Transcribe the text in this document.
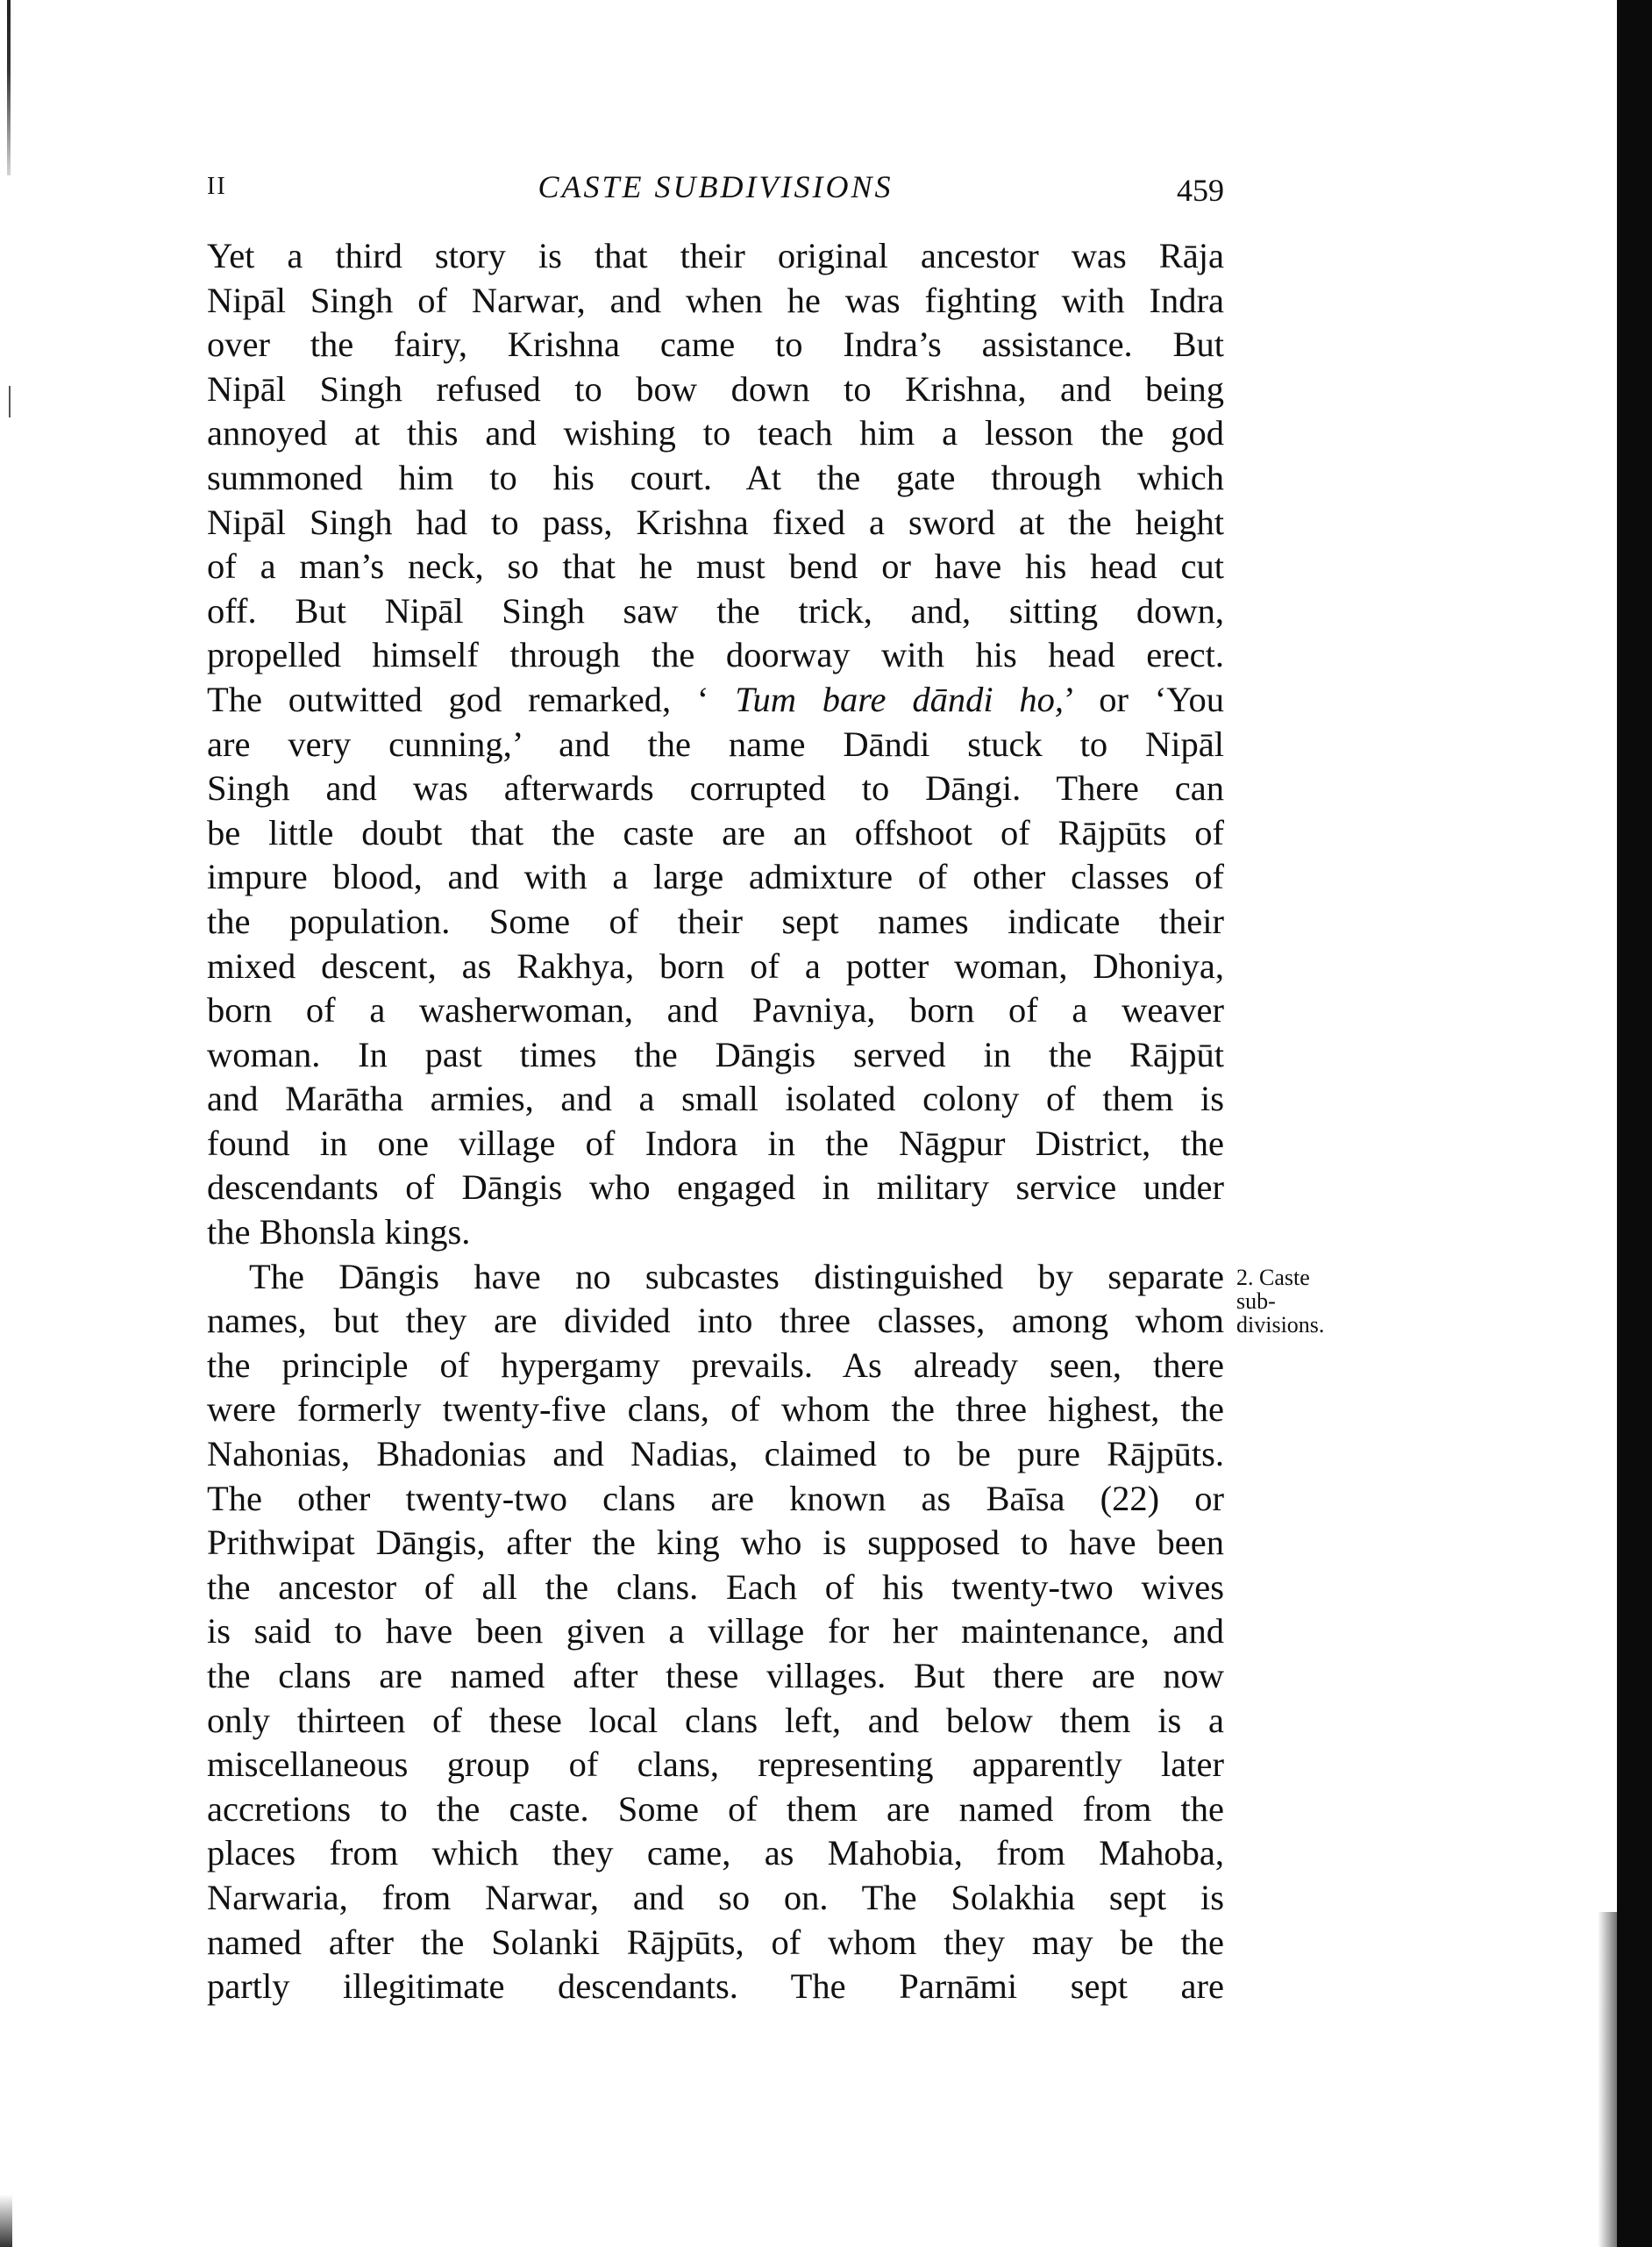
II	CASTE SUBDIVISIONS	459
Yet a third story is that their original ancestor was Rāja
Nipāl Singh of Narwar, and when he was fighting with Indra
over the fairy, Krishna came to Indra’s assistance. But
Nipāl Singh refused to bow down to Krishna, and being
annoyed at this and wishing to teach him a lesson the god
summoned him to his court. At the gate through which
Nipāl Singh had to pass, Krishna fixed a sword at the height
of a man’s neck, so that he must bend or have his head cut
off. But Nipāl Singh saw the trick, and, sitting down,
propelled himself through the doorway with his head erect.
The outwitted god remarked, ‘ Tum bare dāndi ho,’ or ‘You
are very cunning,’ and the name Dāndi stuck to Nipāl
Singh and was afterwards corrupted to Dāngi. There can
be little doubt that the caste are an offshoot of Rājpūts of
impure blood, and with a large admixture of other classes of
the population. Some of their sept names indicate their
mixed descent, as Rakhya, born of a potter woman, Dhoniya,
born of a washerwoman, and Pavniya, born of a weaver
woman. In past times the Dāngis served in the Rājpūt
and Marātha armies, and a small isolated colony of them is
found in one village of Indora in the Nāgpur District, the
descendants of Dāngis who engaged in military service under
the Bhonsla kings.
The Dāngis have no subcastes distinguished by separate
names, but they are divided into three classes, among whom
the principle of hypergamy prevails. As already seen, there
were formerly twenty-five clans, of whom the three highest, the
Nahonias, Bhadonias and Nadias, claimed to be pure Rājpūts.
The other twenty-two clans are known as Baīsa (22) or
Prithwipat Dāngis, after the king who is supposed to have been
the ancestor of all the clans. Each of his twenty-two wives
is said to have been given a village for her maintenance, and
the clans are named after these villages. But there are now
only thirteen of these local clans left, and below them is a
miscellaneous group of clans, representing apparently later
accretions to the caste. Some of them are named from the
places from which they came, as Mahobia, from Mahoba,
Narwaria, from Narwar, and so on. The Solakhia sept is
named after the Solanki Rājpūts, of whom they may be the
partly illegitimate descendants. The Parnāmi sept are
2. Caste
sub-
divisions.
